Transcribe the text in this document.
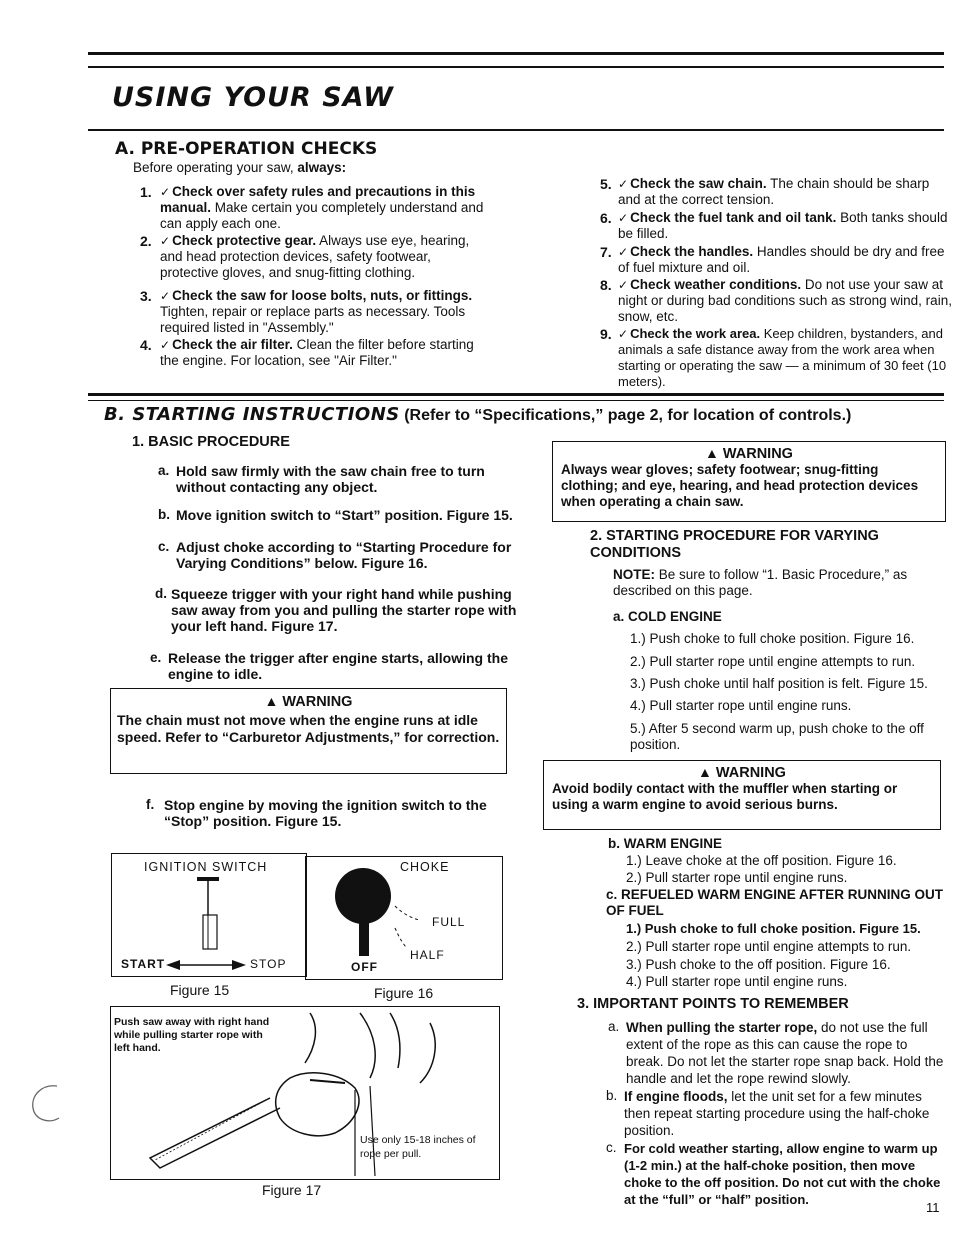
USING YOUR SAW
A. PRE-OPERATION CHECKS
Before operating your saw, always:
1.	✓ Check over safety rules and precautions in this manual. Make certain you completely understand and can apply each one.
2.	✓ Check protective gear. Always use eye, hearing, and head protection devices, safety footwear, protective gloves, and snug-fitting clothing.
3.	✓ Check the saw for loose bolts, nuts, or fittings. Tighten, repair or replace parts as necessary. Tools required listed in "Assembly."
4.	✓ Check the air filter. Clean the filter before starting the engine. For location, see "Air Filter."
5.	✓ Check the saw chain. The chain should be sharp and at the correct tension.
6.	✓ Check the fuel tank and oil tank. Both tanks should be filled.
7.	✓ Check the handles. Handles should be dry and free of fuel mixture and oil.
8.	✓ Check weather conditions. Do not use your saw at night or during bad conditions such as strong wind, rain, snow, etc.
9.	✓ Check the work area. Keep children, bystanders, and animals a safe distance away from the work area when starting or operating the saw — a minimum of 30 feet (10 meters).
B. STARTING INSTRUCTIONS (Refer to “Specifications,” page 2, for location of controls.)
1. BASIC PROCEDURE
a. Hold saw firmly with the saw chain free to turn without contacting any object.
b. Move ignition switch to “Start” position. Figure 15.
c. Adjust choke according to “Starting Procedure for Varying Conditions” below. Figure 16.
d. Squeeze trigger with your right hand while pushing saw away from you and pulling the starter rope with your left hand. Figure 17.
e. Release the trigger after engine starts, allowing the engine to idle.
▲ WARNING
The chain must not move when the engine runs at idle speed. Refer to “Carburetor Adjustments,” for correction.
f. Stop engine by moving the ignition switch to the “Stop” position. Figure 15.
▲ WARNING
Always wear gloves; safety footwear; snug-fitting clothing; and eye, hearing, and head protection devices when operating a chain saw.
2. STARTING PROCEDURE FOR VARYING CONDITIONS
NOTE: Be sure to follow “1. Basic Procedure,” as described on this page.
a. COLD ENGINE
1.) Push choke to full choke position. Figure 16.
2.) Pull starter rope until engine attempts to run.
3.) Push choke until half position is felt. Figure 15.
4.) Pull starter rope until engine runs.
5.) After 5 second warm up, push choke to the off position.
▲ WARNING
Avoid bodily contact with the muffler when starting or using a warm engine to avoid serious burns.
b. WARM ENGINE
1.) Leave choke at the off position. Figure 16.
2.) Pull starter rope until engine runs.
c. REFUELED WARM ENGINE AFTER RUNNING OUT OF FUEL
1.) Push choke to full choke position. Figure 15.
2.) Pull starter rope until engine attempts to run.
3.) Push choke to the off position. Figure 16.
4.) Pull starter rope until engine runs.
3. IMPORTANT POINTS TO REMEMBER
a. When pulling the starter rope, do not use the full extent of the rope as this can cause the rope to break. Do not let the starter rope snap back. Hold the handle and let the rope rewind slowly.
b. If engine floods, let the unit set for a few minutes then repeat starting procedure using the half-choke position.
c. For cold weather starting, allow engine to warm up (1-2 min.) at the half-choke position, then move choke to the off position. Do not cut with the choke at the “full” or “half” position.
11
IGNITION SWITCH
START	STOP
CHOKE
FULL
HALF
OFF
Figure 15	Figure 16
Push saw away with right hand while pulling starter rope with left hand.
Use only 15-18 inches of rope per pull.
Figure 17
